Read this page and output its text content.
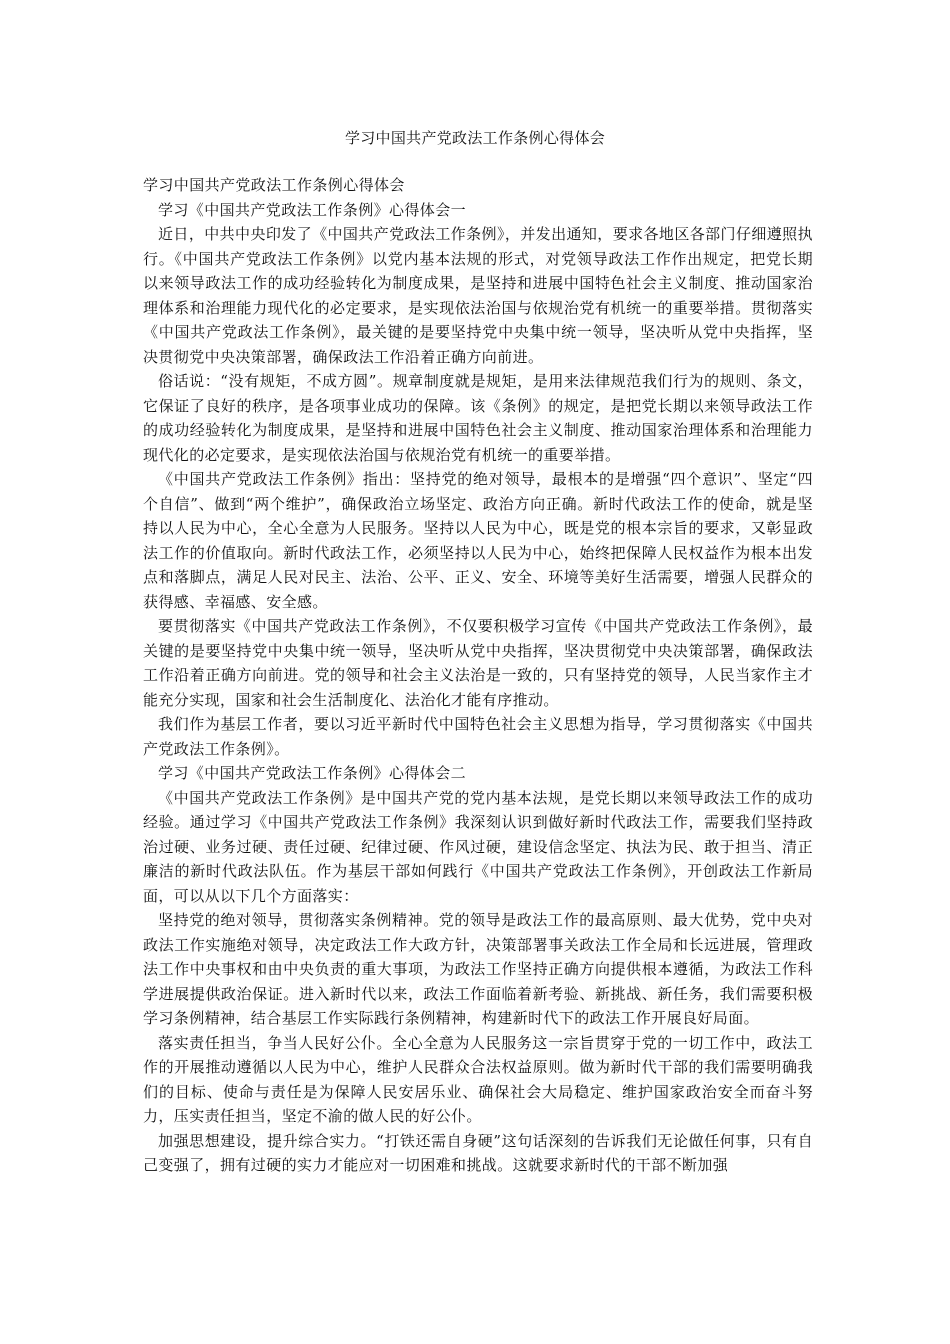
学习中国共产党政法工作条例心得体会

学习中国共产党政法工作条例心得体会

学习《中国共产党政法工作条例》心得体会一

近日，中共中央印发了《中国共产党政法工作条例》，并发出通知，要求各地区各部门仔细遵照执行。《中国共产党政法工作条例》以党内基本法规的形式，对党领导政法工作作出规定，把党长期以来领导政法工作的成功经验转化为制度成果，是坚持和进展中国特色社会主义制度、推动国家治理体系和治理能力现代化的必定要求，是实现依法治国与依规治党有机统一的重要举措。贯彻落实《中国共产党政法工作条例》，最关键的是要坚持党中央集中统一领导，坚决听从党中央指挥，坚决贯彻党中央决策部署，确保政法工作沿着正确方向前进。

俗话说：“没有规矩，不成方圆”。规章制度就是规矩，是用来法律规范我们行为的规则、条文，它保证了良好的秩序，是各项事业成功的保障。该《条例》的规定，是把党长期以来领导政法工作的成功经验转化为制度成果，是坚持和进展中国特色社会主义制度、推动国家治理体系和治理能力现代化的必定要求，是实现依法治国与依规治党有机统一的重要举措。

《中国共产党政法工作条例》指出：坚持党的绝对领导，最根本的是增强“四个意识”、坚定“四个自信”、做到“两个维护”，确保政治立场坚定、政治方向正确。新时代政法工作的使命，就是坚持以人民为中心，全心全意为人民服务。坚持以人民为中心，既是党的根本宗旨的要求，又彰显政法工作的价值取向。新时代政法工作，必须坚持以人民为中心，始终把保障人民权益作为根本出发点和落脚点，满足人民对民主、法治、公平、正义、安全、环境等美好生活需要，增强人民群众的获得感、幸福感、安全感。

要贯彻落实《中国共产党政法工作条例》，不仅要积极学习宣传《中国共产党政法工作条例》，最关键的是要坚持党中央集中统一领导，坚决听从党中央指挥，坚决贯彻党中央决策部署，确保政法工作沿着正确方向前进。党的领导和社会主义法治是一致的，只有坚持党的领导，人民当家作主才能充分实现，国家和社会生活制度化、法治化才能有序推动。

我们作为基层工作者，要以习近平新时代中国特色社会主义思想为指导，学习贯彻落实《中国共产党政法工作条例》。

学习《中国共产党政法工作条例》心得体会二

《中国共产党政法工作条例》是中国共产党的党内基本法规，是党长期以来领导政法工作的成功经验。通过学习《中国共产党政法工作条例》我深刻认识到做好新时代政法工作，需要我们坚持政治过硬、业务过硬、责任过硬、纪律过硬、作风过硬，建设信念坚定、执法为民、敢于担当、清正廉洁的新时代政法队伍。作为基层干部如何践行《中国共产党政法工作条例》，开创政法工作新局面，可以从以下几个方面落实：

坚持党的绝对领导，贯彻落实条例精神。党的领导是政法工作的最高原则、最大优势，党中央对政法工作实施绝对领导，决定政法工作大政方针，决策部署事关政法工作全局和长远进展，管理政法工作中央事权和由中央负责的重大事项，为政法工作坚持正确方向提供根本遵循，为政法工作科学进展提供政治保证。进入新时代以来，政法工作面临着新考验、新挑战、新任务，我们需要积极学习条例精神，结合基层工作实际践行条例精神，构建新时代下的政法工作开展良好局面。

落实责任担当，争当人民好公仆。全心全意为人民服务这一宗旨贯穿于党的一切工作中，政法工作的开展推动遵循以人民为中心，维护人民群众合法权益原则。做为新时代干部的我们需要明确我们的目标、使命与责任是为保障人民安居乐业、确保社会大局稳定、维护国家政治安全而奋斗努力，压实责任担当，坚定不渝的做人民的好公仆。

加强思想建设，提升综合实力。“打铁还需自身硬”这句话深刻的告诉我们无论做任何事，只有自己变强了，拥有过硬的实力才能应对一切困难和挑战。这就要求新时代的干部不断加强
